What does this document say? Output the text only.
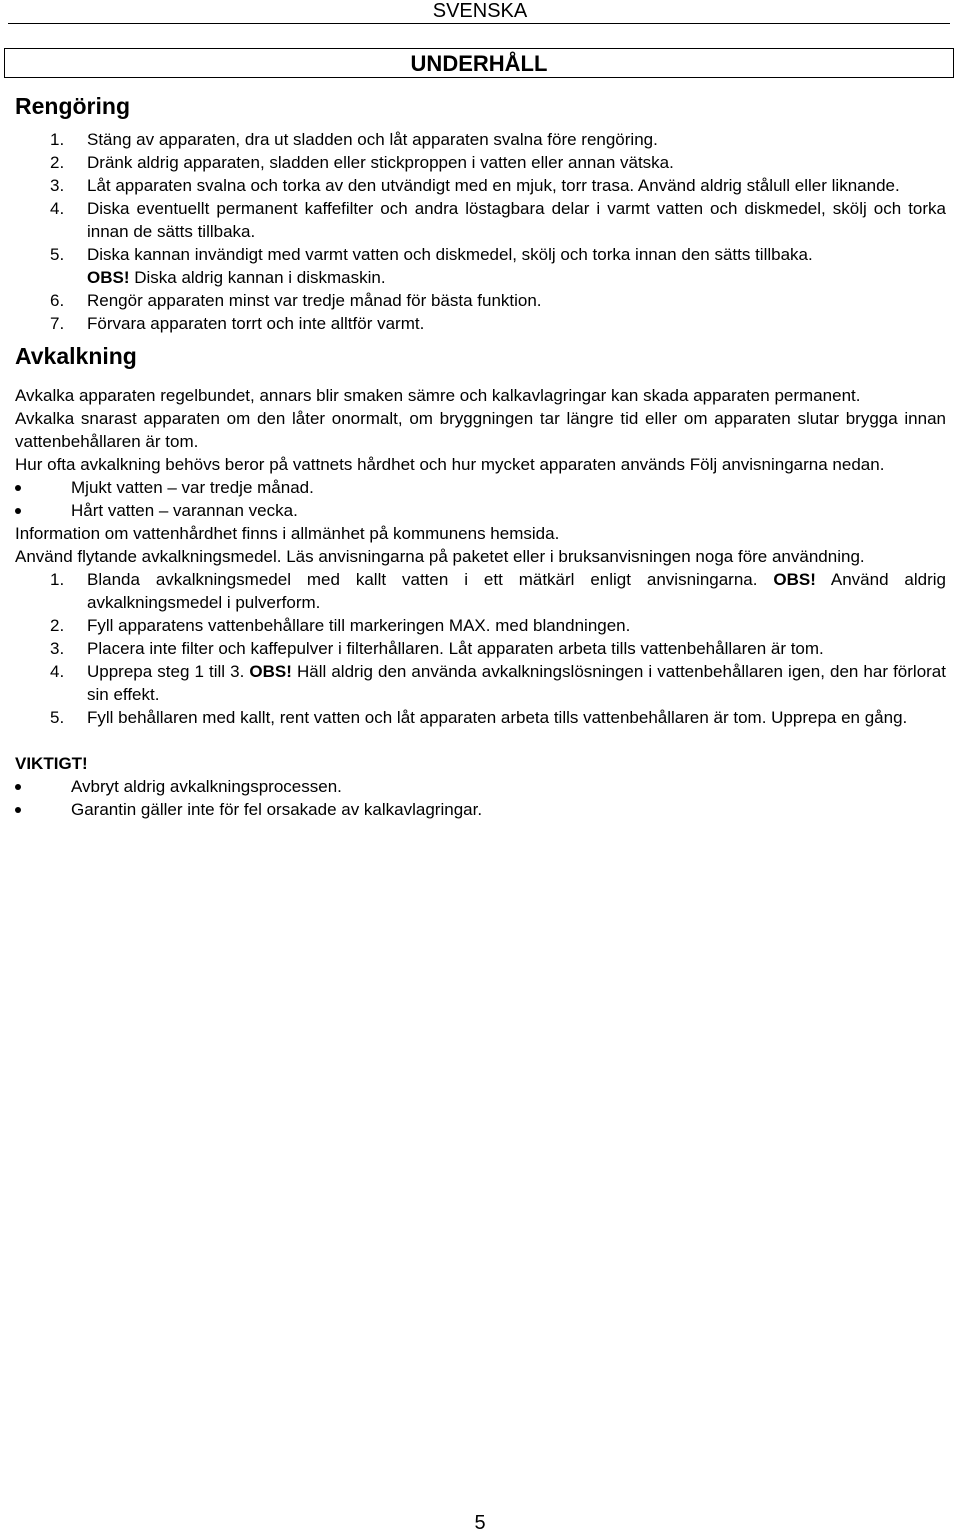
SVENSKA
UNDERHÅLL
Rengöring
1. Stäng av apparaten, dra ut sladden och låt apparaten svalna före rengöring.
2. Dränk aldrig apparaten, sladden eller stickproppen i vatten eller annan vätska.
3. Låt apparaten svalna och torka av den utvändigt med en mjuk, torr trasa. Använd aldrig stålull eller liknande.
4. Diska eventuellt permanent kaffefilter och andra löstagbara delar i varmt vatten och diskmedel, skölj och torka innan de sätts tillbaka.
5. Diska kannan invändigt med varmt vatten och diskmedel, skölj och torka innan den sätts tillbaka.
OBS! Diska aldrig kannan i diskmaskin.
6. Rengör apparaten minst var tredje månad för bästa funktion.
7. Förvara apparaten torrt och inte alltför varmt.
Avkalkning

Avkalka apparaten regelbundet, annars blir smaken sämre och kalkavlagringar kan skada apparaten permanent.

Avkalka snarast apparaten om den låter onormalt, om bryggningen tar längre tid eller om apparaten slutar brygga innan vattenbehållaren är tom.

Hur ofta avkalkning behövs beror på vattnets hårdhet och hur mycket apparaten används Följ anvisningarna nedan.

Mjukt vatten – var tredje månad.
Hårt vatten – varannan vecka.

Information om vattenhårdhet finns i allmänhet på kommunens hemsida.

Använd flytande avkalkningsmedel. Läs anvisningarna på paketet eller i bruksanvisningen noga före användning.

1. Blanda avkalkningsmedel med kallt vatten i ett mätkärl enligt anvisningarna. OBS! Använd aldrig avkalkningsmedel i pulverform.
2. Fyll apparatens vattenbehållare till markeringen MAX. med blandningen.
3. Placera inte filter och kaffepulver i filterhållaren. Låt apparaten arbeta tills vattenbehållaren är tom.
4. Upprepa steg 1 till 3. OBS! Häll aldrig den använda avkalkningslösningen i vattenbehållaren igen, den har förlorat sin effekt.
5. Fyll behållaren med kallt, rent vatten och låt apparaten arbeta tills vattenbehållaren är tom. Upprepa en gång.

VIKTIGT!

Avbryt aldrig avkalkningsprocessen.
Garantin gäller inte för fel orsakade av kalkavlagringar.
5
